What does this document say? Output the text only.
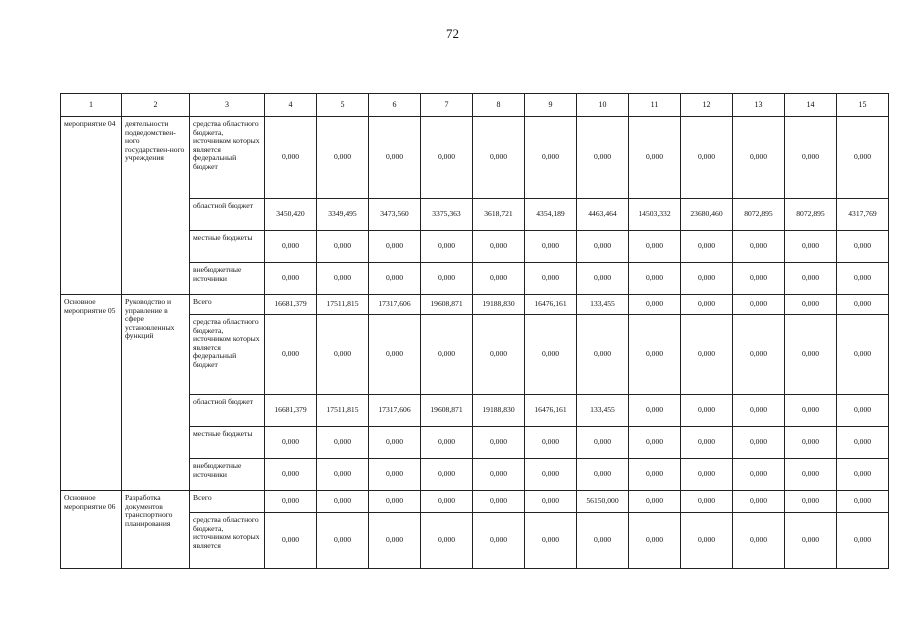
72
1	2	3	4	5	6	7	8	9	10	11	12	13	14	15
мероприятие 04	деятельности подведомствен-ного государствен-ного учреждения	средства областного бюджета, источником которых является федеральный бюджет	0,000	0,000	0,000	0,000	0,000	0,000	0,000	0,000	0,000	0,000	0,000	0,000
		областной бюджет	3450,420	3349,495	3473,560	3375,363	3618,721	4354,189	4463,464	14503,332	23680,460	8072,895	8072,895	4317,769
		местные бюджеты	0,000	0,000	0,000	0,000	0,000	0,000	0,000	0,000	0,000	0,000	0,000	0,000
		внебюджетные источники	0,000	0,000	0,000	0,000	0,000	0,000	0,000	0,000	0,000	0,000	0,000	0,000
Основное мероприятие 05	Руководство и управление в сфере установленных функций	Всего	16681,379	17511,815	17317,606	19608,871	19188,830	16476,161	133,455	0,000	0,000	0,000	0,000	0,000
		средства областного бюджета, источником которых является федеральный бюджет	0,000	0,000	0,000	0,000	0,000	0,000	0,000	0,000	0,000	0,000	0,000	0,000
		областной бюджет	16681,379	17511,815	17317,606	19608,871	19188,830	16476,161	133,455	0,000	0,000	0,000	0,000	0,000
		местные бюджеты	0,000	0,000	0,000	0,000	0,000	0,000	0,000	0,000	0,000	0,000	0,000	0,000
		внебюджетные источники	0,000	0,000	0,000	0,000	0,000	0,000	0,000	0,000	0,000	0,000	0,000	0,000
Основное мероприятие 06	Разработка документов транспортного планирования	Всего	0,000	0,000	0,000	0,000	0,000	0,000	56150,000	0,000	0,000	0,000	0,000	0,000
		средства областного бюджета, источником которых является	0,000	0,000	0,000	0,000	0,000	0,000	0,000	0,000	0,000	0,000	0,000	0,000
